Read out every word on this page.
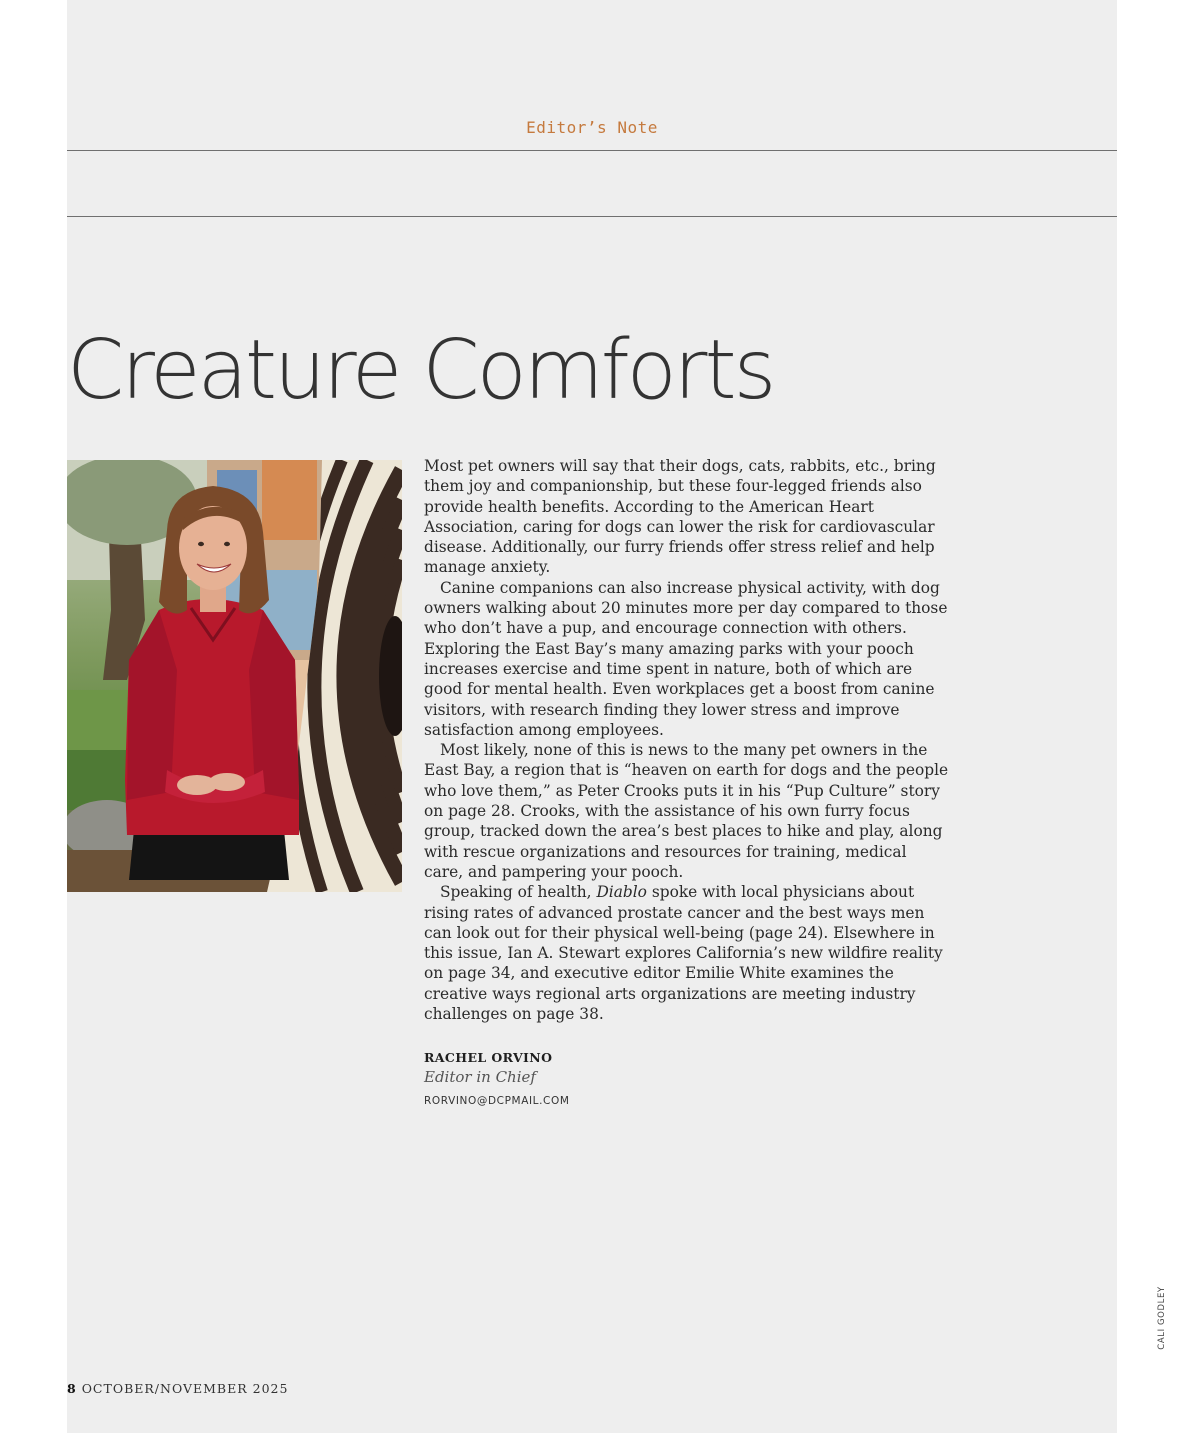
Editor’s Note
Creature Comforts

Most pet owners will say that their dogs, cats, rabbits, etc., bring them joy and companionship, but these four-legged friends also provide health benefits. According to the American Heart Association, caring for dogs can lower the risk for cardiovascular disease. Additionally, our furry friends offer stress relief and help manage anxiety.

Canine companions can also increase physical activity, with dog owners walking about 20 minutes more per day compared to those who don’t have a pup, and encourage connection with others. Exploring the East Bay’s many amazing parks with your pooch increases exercise and time spent in nature, both of which are good for mental health. Even workplaces get a boost from canine visitors, with research finding they lower stress and improve satisfaction among employees.

Most likely, none of this is news to the many pet owners in the East Bay, a region that is “heaven on earth for dogs and the people who love them,” as Peter Crooks puts it in his “Pup Culture” story on page 28. Crooks, with the assistance of his own furry focus group, tracked down the area’s best places to hike and play, along with rescue organizations and resources for training, medical care, and pampering your pooch.

Speaking of health, Diablo spoke with local physicians about rising rates of advanced prostate cancer and the best ways men can look out for their physical well-being (page 24). Elsewhere in this issue, Ian A. Stewart explores California’s new wildfire reality on page 34, and executive editor Emilie White examines the creative ways regional arts organizations are meeting industry challenges on page 38.

RACHEL ORVINO
Editor in Chief
RORVINO@DCPMAIL.COM
8 OCTOBER/NOVEMBER 2025
CALI GODLEY
